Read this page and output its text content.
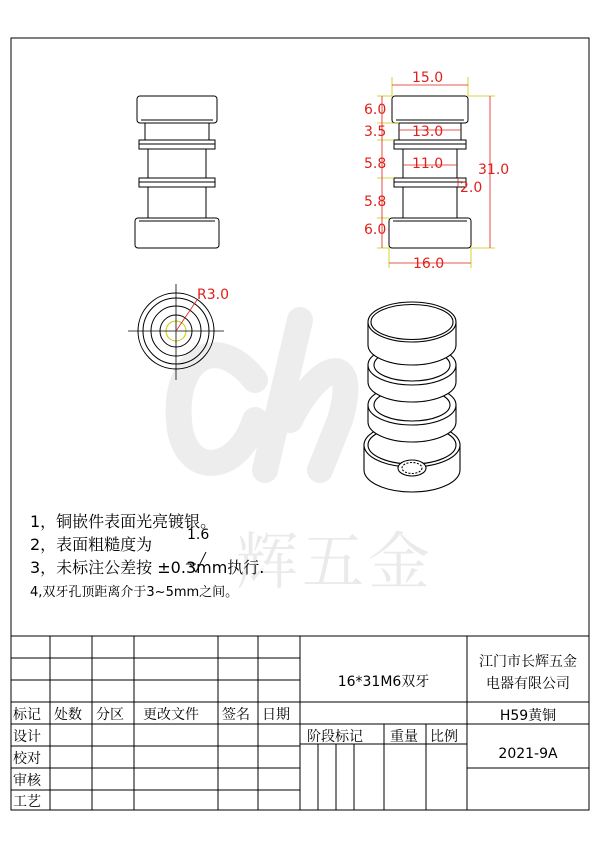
辉五金
15.0
6.0
3.5 13.0
5.8 11.0 31.0
2.0
5.8
6.0
16.0
R3.0
1，铜嵌件表面光亮镀银。
2，表面粗糙度为 1.6
3，未标注公差按 ±0.3mm执行.
4,双牙孔顶距离介于3~5mm之间。
16*31M6双牙
江门市长辉五金
电器有限公司
H59黄铜
2021-9A
标记 处数 分区 更改文件 签名 日期
设计
校对
审核
工艺
阶段标记 重量 比例
